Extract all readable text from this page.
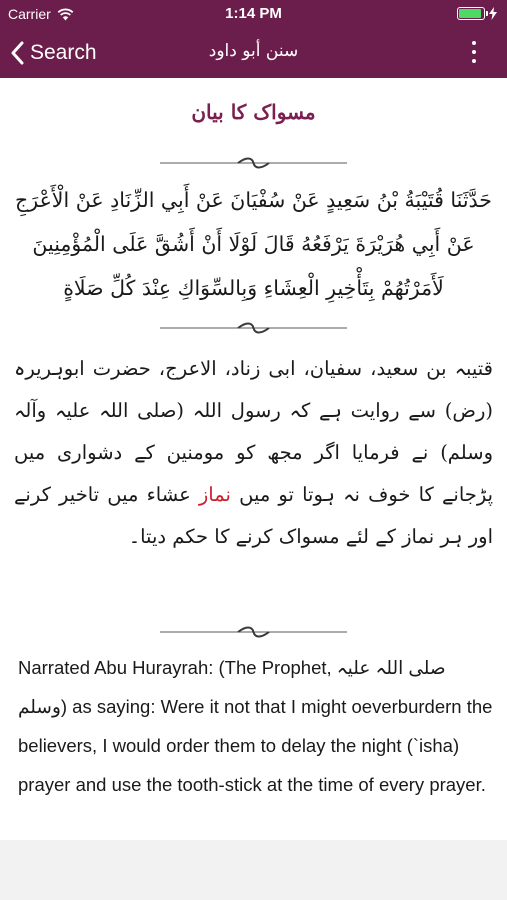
Carrier	1:14 PM
Search	سنن أبو داود
مسواک کا بیان
حَدَّثَنَا قُتَيْبَةُ بْنُ سَعِيدٍ عَنْ سُفْيَانَ عَنْ أَبِي الزِّنَادِ عَنْ الْأَعْرَجِ عَنْ أَبِي هُرَيْرَةَ يَرْفَعُهُ قَالَ لَوْلَا أَنْ أَشُقَّ عَلَى الْمُؤْمِنِينَ لَأَمَرْتُهُمْ بِتَأْخِيرِ الْعِشَاءِ وَبِالسِّوَاكِ عِنْدَ كُلِّ صَلَاةٍ
قتیبہ بن سعید، سفیان، ابی زناد، الاعرج، حضرت ابوہریرہ (رض) سے روایت ہے کہ رسول اللہ (صلی اللہ علیہ وآلہ وسلم) نے فرمایا اگر مجھ کو مومنین کے دشواری میں پڑجانے کا خوف نہ ہوتا تو میں نماز عشاء میں تاخیر کرنے اور ہر نماز کے لئے مسواک کرنے کا حکم دیتا۔
Narrated Abu Hurayrah: (The Prophet, صلی اللہ علیہ وسلم) as saying: Were it not that I might oeverburdern the believers, I would order them to delay the night (`isha) prayer and use the tooth-stick at the time of every prayer.
